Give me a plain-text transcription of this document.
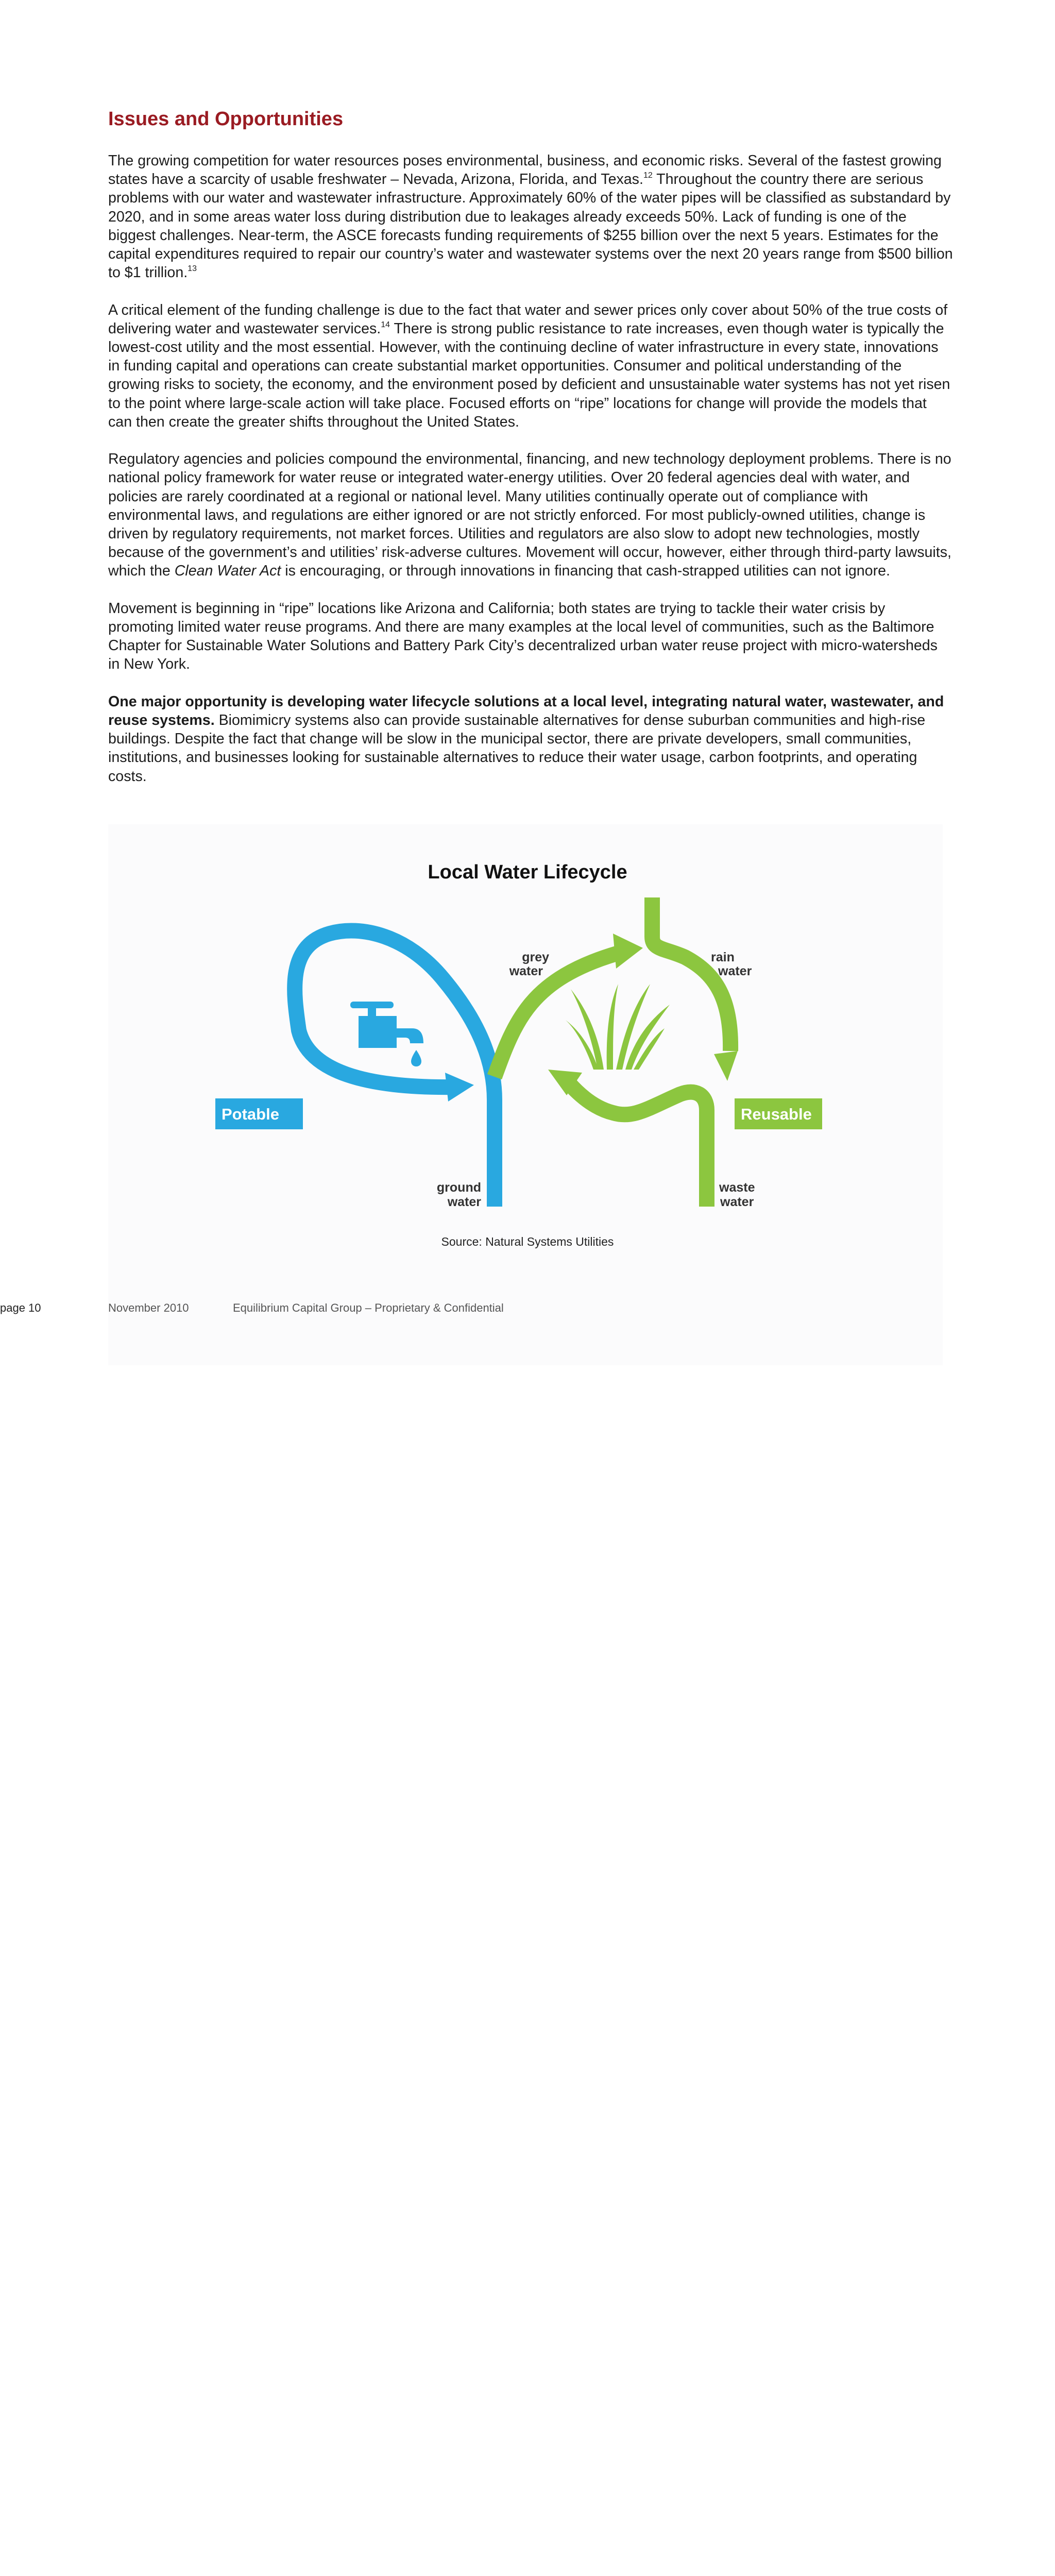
Issues and Opportunities

The growing competition for water resources poses environmental, business, and economic risks. Several of the fastest growing states have a scarcity of usable freshwater – Nevada, Arizona, Florida, and Texas.$^{12}$ Throughout the country there are serious problems with our water and wastewater infrastructure. Approximately 60% of the water pipes will be classified as substandard by 2020, and in some areas water loss during distribution due to leakages already exceeds 50%. Lack of funding is one of the biggest challenges. Near-term, the ASCE forecasts funding requirements of $255 billion over the next 5 years. Estimates for the capital expenditures required to repair our country’s water and wastewater systems over the next 20 years range from $500 billion to $1 trillion.$^{13}$

A critical element of the funding challenge is due to the fact that water and sewer prices only cover about 50% of the true costs of delivering water and wastewater services.$^{14}$ There is strong public resistance to rate increases, even though water is typically the lowest-cost utility and the most essential. However, with the continuing decline of water infrastructure in every state, innovations in funding capital and operations can create substantial market opportunities. Consumer and political understanding of the growing risks to society, the economy, and the environment posed by deficient and unsustainable water systems has not yet risen to the point where large-scale action will take place. Focused efforts on “ripe” locations for change will provide the models that can then create the greater shifts throughout the United States.

Regulatory agencies and policies compound the environmental, financing, and new technology deployment problems. There is no national policy framework for water reuse or integrated water-energy utilities. Over 20 federal agencies deal with water, and policies are rarely coordinated at a regional or national level. Many utilities continually operate out of compliance with environmental laws, and regulations are either ignored or are not strictly enforced. For most publicly-owned utilities, change is driven by regulatory requirements, not market forces. Utilities and regulators are also slow to adopt new technologies, mostly because of the government’s and utilities’ risk-adverse cultures. Movement will occur, however, either through third-party lawsuits, which the Clean Water Act is encouraging, or through innovations in financing that cash-strapped utilities can not ignore.

Movement is beginning in “ripe” locations like Arizona and California; both states are trying to tackle their water crisis by promoting limited water reuse programs. And there are many examples at the local level of communities, such as the Baltimore Chapter for Sustainable Water Solutions and Battery Park City’s decentralized urban water reuse project with micro-watersheds in New York.

One major opportunity is developing water lifecycle solutions at a local level, integrating natural water, wastewater, and reuse systems. Biomimicry systems also can provide sustainable alternatives for dense suburban communities and high-rise buildings. Despite the fact that change will be slow in the municipal sector, there are private developers, small communities, institutions, and businesses looking for sustainable alternatives to reduce their water usage, carbon footprints, and operating costs.

Local Water Lifecycle
grey
water
rain
water
ground
water
waste
water
Potable	Reusable
Source: Natural Systems Utilities
November 2010	Equilibrium Capital Group – Proprietary & Confidential
page 10
